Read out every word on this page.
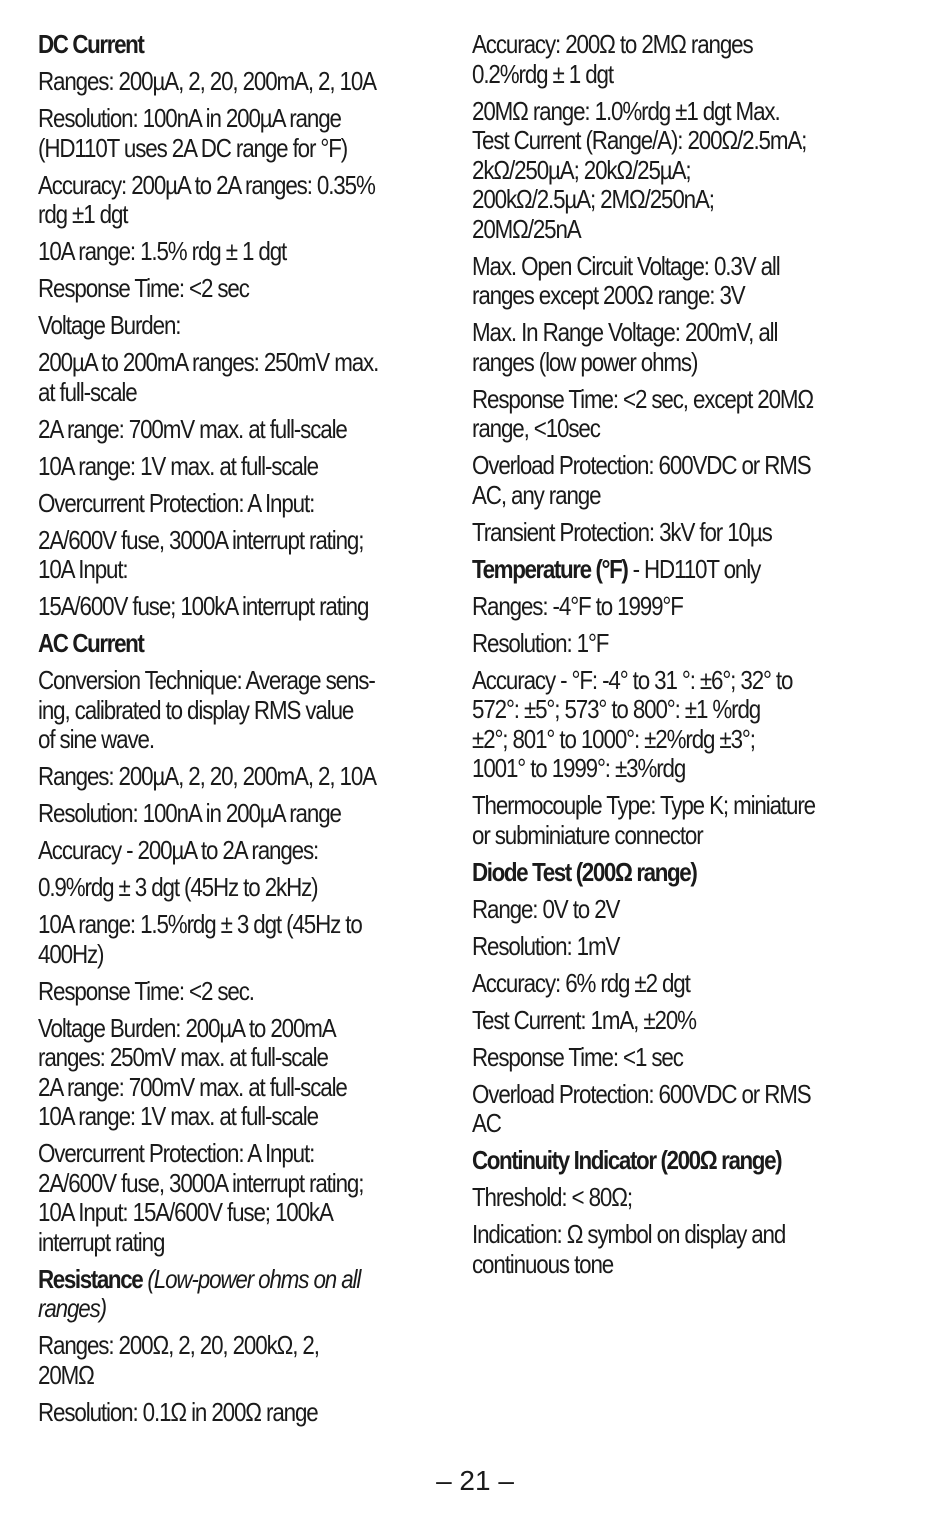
DC Current
Ranges: 200µA, 2, 20, 200mA, 2, 10A
Resolution: 100nA in 200µA range
(HD110T uses 2A DC range for °F)
Accuracy: 200µA to 2A ranges: 0.35%
rdg ±1 dgt
10A range: 1.5% rdg ± 1 dgt
Response Time: <2 sec
Voltage Burden:
200µA to 200mA ranges: 250mV max.
at full-scale
2A range: 700mV max. at full-scale
10A range: 1V max. at full-scale
Overcurrent Protection: A Input:
2A/600V fuse, 3000A interrupt rating;
10A Input:
15A/600V fuse; 100kA interrupt rating
AC Current
Conversion Technique: Average sens-
ing, calibrated to display RMS value
of sine wave.
Ranges: 200µA, 2, 20, 200mA, 2, 10A
Resolution: 100nA in 200µA range
Accuracy - 200µA to 2A ranges:
0.9%rdg ± 3 dgt (45Hz to 2kHz)
10A range: 1.5%rdg ± 3 dgt (45Hz to
400Hz)
Response Time: <2 sec.
Voltage Burden: 200µA to 200mA
ranges: 250mV max. at full-scale
2A range: 700mV max. at full-scale
10A range: 1V max. at full-scale
Overcurrent Protection: A Input:
2A/600V fuse, 3000A interrupt rating;
10A Input: 15A/600V fuse; 100kA
interrupt rating
Resistance (Low-power ohms on all
ranges)
Ranges: 200Ω, 2, 20, 200kΩ, 2,
20MΩ
Resolution: 0.1Ω in 200Ω range
Accuracy: 200Ω to 2MΩ ranges
0.2%rdg ± 1 dgt
20MΩ range: 1.0%rdg ±1 dgt Max.
Test Current (Range/A): 200Ω/2.5mA;
2kΩ/250µA; 20kΩ/25µA;
200kΩ/2.5µA; 2MΩ/250nA;
20MΩ/25nA
Max. Open Circuit Voltage: 0.3V all
ranges except 200Ω range: 3V
Max. In Range Voltage: 200mV, all
ranges (low power ohms)
Response Time: <2 sec, except 20MΩ
range, <10sec
Overload Protection: 600VDC or RMS
AC, any range
Transient Protection: 3kV for 10µs
Temperature (°F) - HD110T only
Ranges: -4°F to 1999°F
Resolution: 1°F
Accuracy - °F: -4° to 31 °: ±6°; 32° to
572°: ±5°; 573° to 800°: ±1 %rdg
±2°; 801° to 1000°: ±2%rdg ±3°;
1001° to 1999°: ±3%rdg
Thermocouple Type: Type K; miniature
or subminiature connector
Diode Test (200Ω range)
Range: 0V to 2V
Resolution: 1mV
Accuracy: 6% rdg ±2 dgt
Test Current: 1mA, ±20%
Response Time: <1 sec
Overload Protection: 600VDC or RMS
AC
Continuity Indicator (200Ω range)
Threshold: < 80Ω;
Indication: Ω symbol on display and
continuous tone
– 21 –
